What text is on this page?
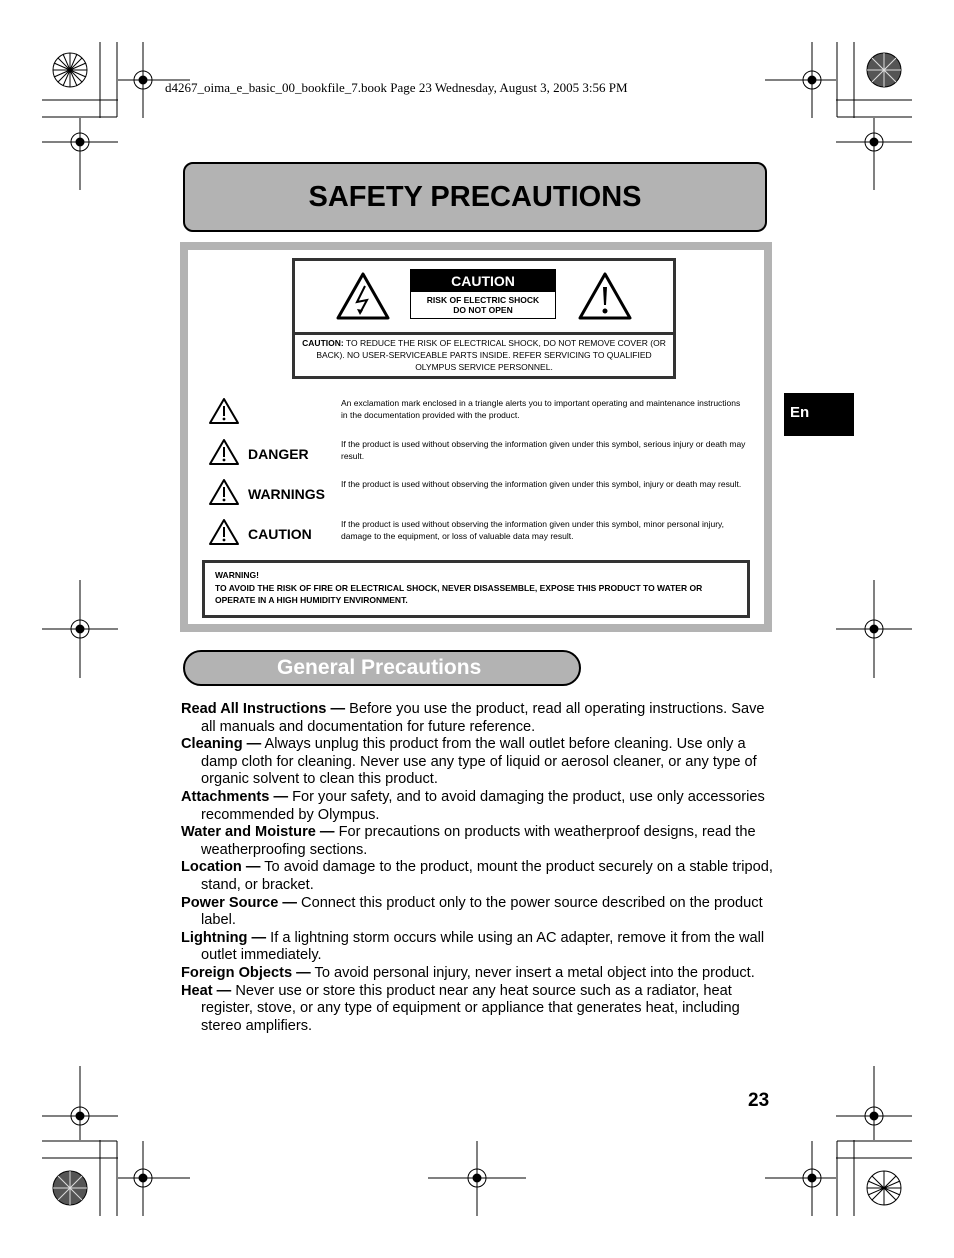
d4267_oima_e_basic_00_bookfile_7.book Page 23 Wednesday, August 3, 2005 3:56 PM
SAFETY PRECAUTIONS
CAUTION
RISK OF ELECTRIC SHOCK
DO NOT OPEN
CAUTION: TO REDUCE THE RISK OF ELECTRICAL SHOCK, DO NOT REMOVE COVER (OR BACK). NO USER-SERVICEABLE PARTS INSIDE. REFER SERVICING TO QUALIFIED OLYMPUS SERVICE PERSONNEL.
An exclamation mark enclosed in a triangle alerts you to important operating and maintenance instructions in the documentation provided with the product.
DANGER
If the product is used without observing the information given under this symbol, serious injury or death may result.
WARNINGS
If the product is used without observing the information given under this symbol, injury or death may result.
CAUTION
If the product is used without observing the information given under this symbol, minor personal injury, damage to the equipment, or loss of valuable data may result.
WARNING!
TO AVOID THE RISK OF FIRE OR ELECTRICAL SHOCK, NEVER DISASSEMBLE, EXPOSE THIS PRODUCT TO WATER OR OPERATE IN A HIGH HUMIDITY ENVIRONMENT.
General Precautions

Read All Instructions — Before you use the product, read all operating instructions. Save all manuals and documentation for future reference.

Cleaning — Always unplug this product from the wall outlet before cleaning. Use only a damp cloth for cleaning. Never use any type of liquid or aerosol cleaner, or any type of organic solvent to clean this product.

Attachments — For your safety, and to avoid damaging the product, use only accessories recommended by Olympus.

Water and Moisture — For precautions on products with weatherproof designs, read the weatherproofing sections.

Location — To avoid damage to the product, mount the product securely on a stable tripod, stand, or bracket.

Power Source — Connect this product only to the power source described on the product label.

Lightning — If a lightning storm occurs while using an AC adapter, remove it from the wall outlet immediately.

Foreign Objects — To avoid personal injury, never insert a metal object into the product.

Heat — Never use or store this product near any heat source such as a radiator, heat register, stove, or any type of equipment or appliance that generates heat, including stereo amplifiers.

23
En
